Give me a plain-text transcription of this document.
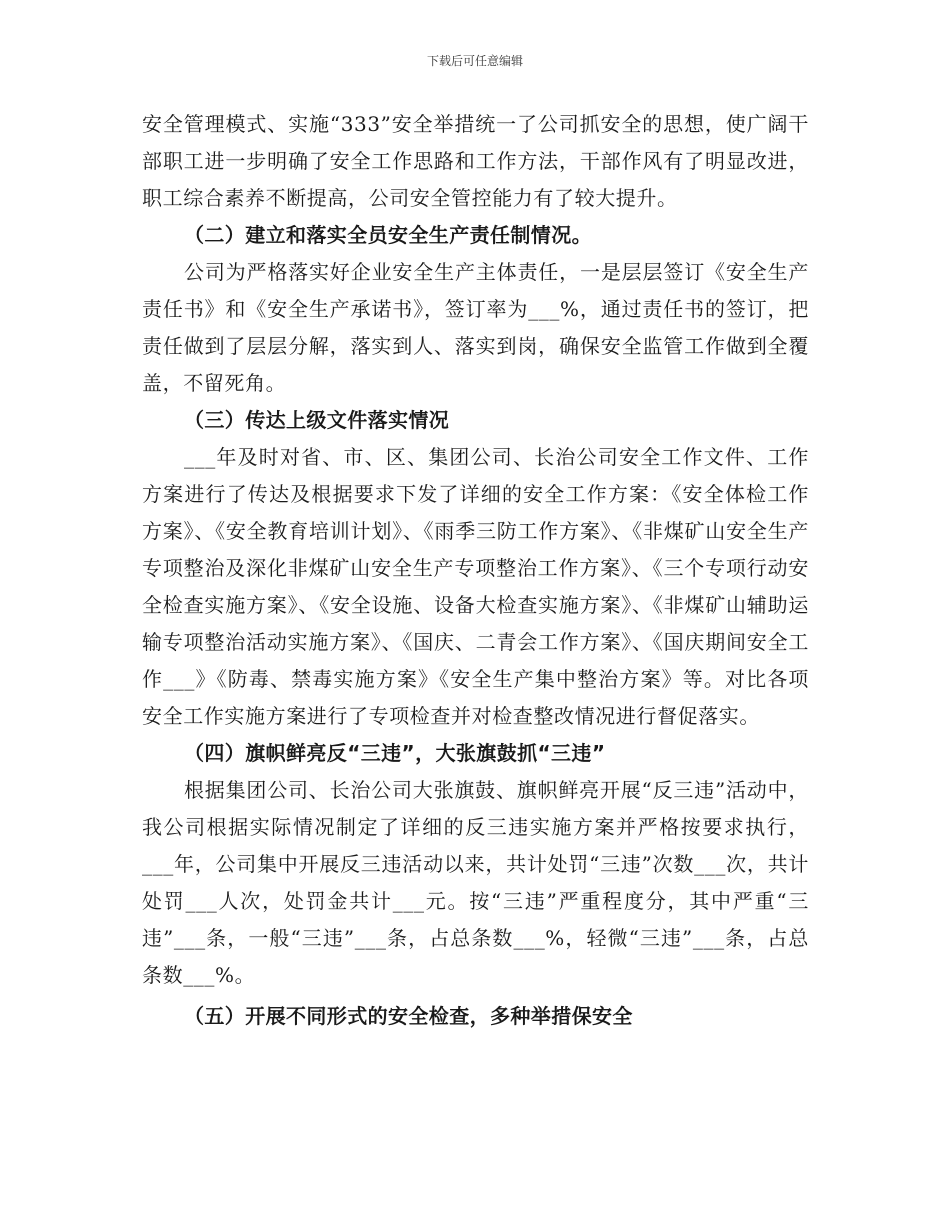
下载后可任意编辑

安全管理模式、实施“333”安全举措统一了公司抓安全的思想，使广阔干部职工进一步明确了安全工作思路和工作方法，干部作风有了明显改进，职工综合素养不断提高，公司安全管控能力有了较大提升。

（二）建立和落实全员安全生产责任制情况。

公司为严格落实好企业安全生产主体责任，一是层层签订《安全生产责任书》和《安全生产承诺书》，签订率为___%，通过责任书的签订，把责任做到了层层分解，落实到人、落实到岗，确保安全监管工作做到全覆盖，不留死角。

（三）传达上级文件落实情况

___年及时对省、市、区、集团公司、长治公司安全工作文件、工作方案进行了传达及根据要求下发了详细的安全工作方案：《安全体检工作方案》、《安全教育培训计划》、《雨季三防工作方案》、《非煤矿山安全生产专项整治及深化非煤矿山安全生产专项整治工作方案》、《三个专项行动安全检查实施方案》、《安全设施、设备大检查实施方案》、《非煤矿山辅助运输专项整治活动实施方案》、《国庆、二青会工作方案》、《国庆期间安全工作___》《防毒、禁毒实施方案》《安全生产集中整治方案》等。对比各项安全工作实施方案进行了专项检查并对检查整改情况进行督促落实。

（四）旗帜鲜亮反“三违”，大张旗鼓抓“三违”

根据集团公司、长治公司大张旗鼓、旗帜鲜亮开展“反三违”活动中，我公司根据实际情况制定了详细的反三违实施方案并严格按要求执行，___年，公司集中开展反三违活动以来，共计处罚“三违”次数___次，共计处罚___人次，处罚金共计___元。按“三违”严重程度分，其中严重“三违”___条，一般“三违”___条，占总条数___%，轻微“三违”___条，占总条数___%。

（五）开展不同形式的安全检查，多种举措保安全
